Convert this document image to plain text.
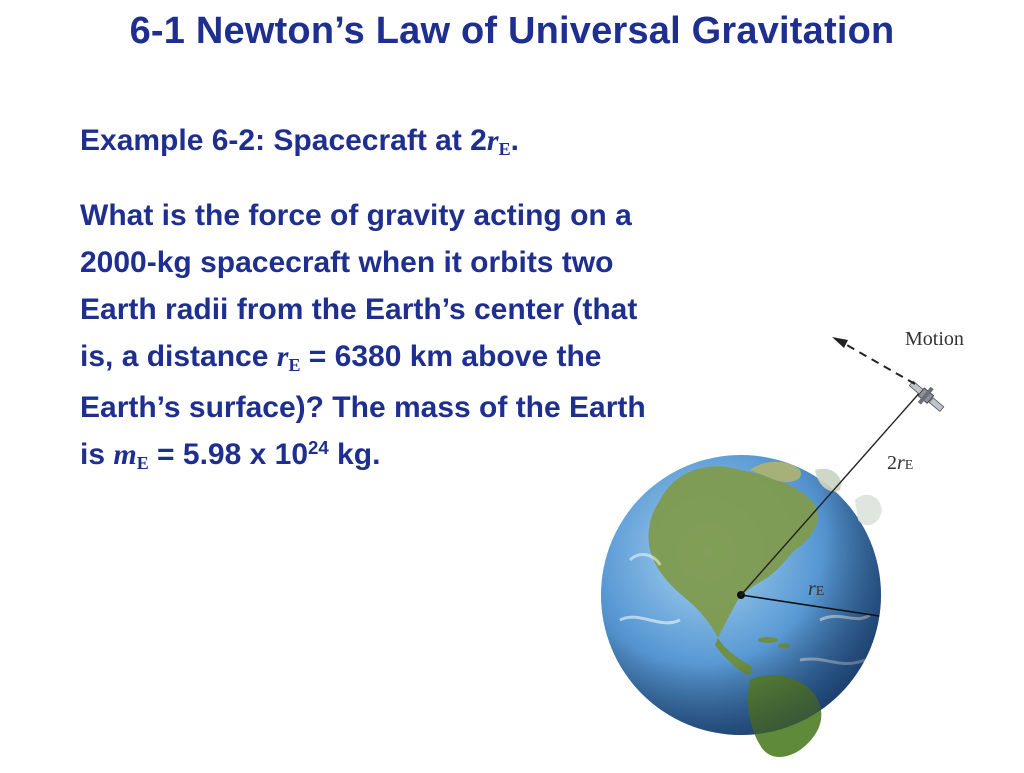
6-1 Newton’s Law of Universal Gravitation
Example 6-2: Spacecraft at 2rE.
What is the force of gravity acting on a
2000-kg spacecraft when it orbits two
Earth radii from the Earth’s center (that
is, a distance rE = 6380 km above the
Earth’s surface)? The mass of the Earth
is mE = 5.98 x $10^{24}$ kg.
Motion
2rE
rE
